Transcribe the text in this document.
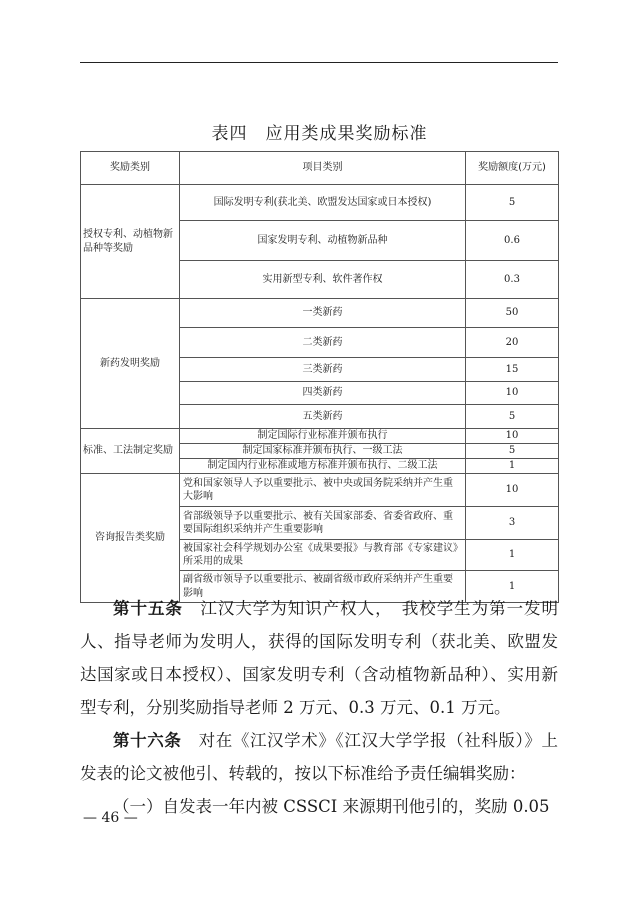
表四　应用类成果奖励标准
奖励类别	项目类别	奖励额度(万元)
授权专利、动植物新品种等奖励	国际发明专利(获北美、欧盟发达国家或日本授权)	5
	国家发明专利、动植物新品种	0.6
	实用新型专利、软件著作权	0.3
新药发明奖励	一类新药	50
	二类新药	20
	三类新药	15
	四类新药	10
	五类新药	5
标准、工法制定奖励	制定国际行业标准并颁布执行	10
	制定国家标准并颁布执行、一级工法	5
	制定国内行业标准或地方标准并颁布执行、二级工法	1
咨询报告类奖励	党和国家领导人予以重要批示、被中央或国务院采纳并产生重大影响	10
	省部级领导予以重要批示、被有关国家部委、省委省政府、重要国际组织采纳并产生重要影响	3
	被国家社会科学规划办公室《成果要报》与教育部《专家建议》所采用的成果	1
	副省级市领导予以重要批示、被副省级市政府采纳并产生重要影响	1

第十五条　 江汉大学为知识产权人，　我校学生为第一发明人、指导老师为发明人，获得的国际发明专利（获北美、欧盟发达国家或日本授权）、国家发明专利（含动植物新品种）、实用新型专利，分别奖励指导老师 2 万元、0.3 万元、0.1 万元。

第十六条　 对在《江汉学术》《江汉大学学报（社科版）》上发表的论文被他引、转载的，按以下标准给予责任编辑奖励：

（一）自发表一年内被 CSSCI 来源期刊他引的，奖励 0.05

— 46 —
